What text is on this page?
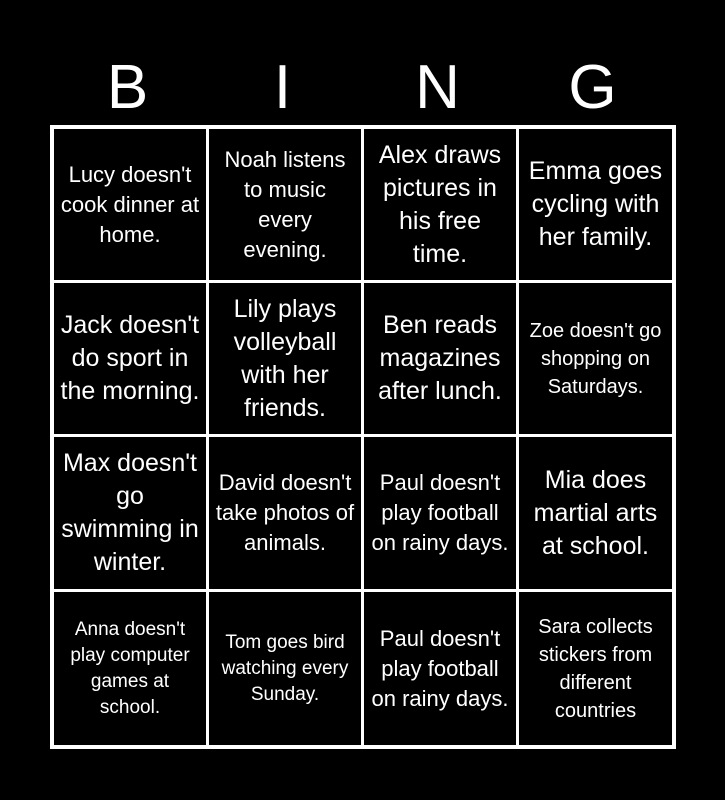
B	I	N	G
Lucy doesn't cook dinner at home.
Noah listens to music every evening.
Alex draws pictures in his free time.
Emma goes cycling with her family.
Jack doesn't do sport in the morning.
Lily plays volleyball with her friends.
Ben reads magazines after lunch.
Zoe doesn't go shopping on Saturdays.
Max doesn't go swimming in winter.
David doesn't take photos of animals.
Paul doesn't play football on rainy days.
Mia does martial arts at school.
Anna doesn't play computer games at school.
Tom goes bird watching every Sunday.
Paul doesn't play football on rainy days.
Sara collects stickers from different countries
